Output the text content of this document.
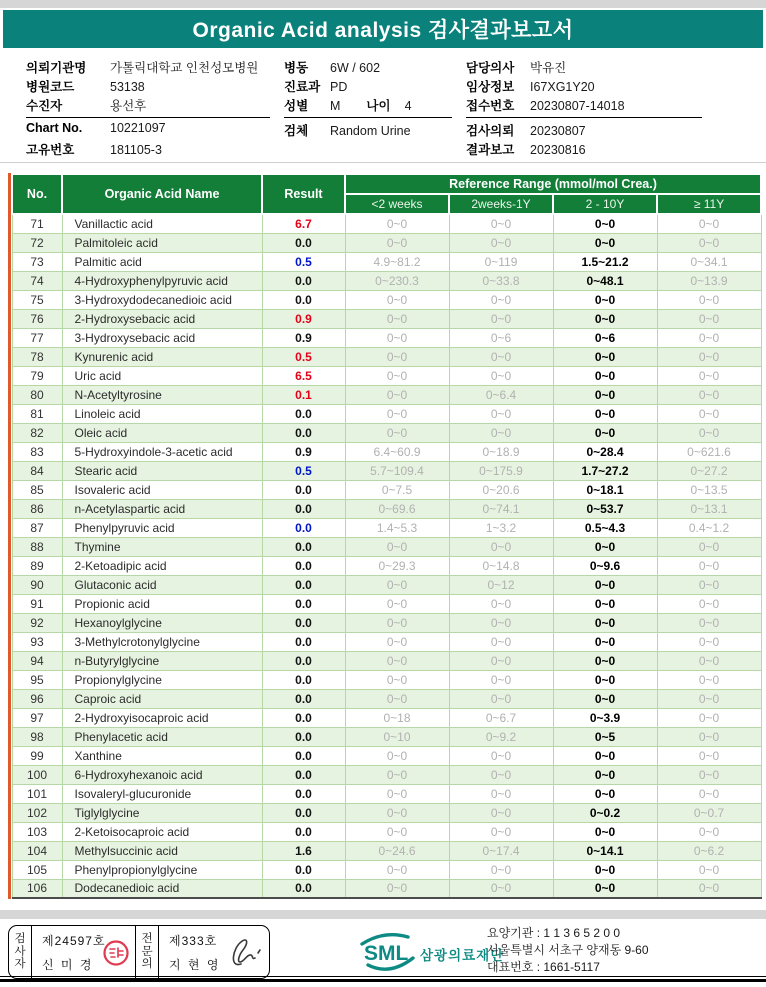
Organic Acid analysis 검사결과보고서
의뢰기관명	가톨릭대학교 인천성모병원
병원코드	53138
수진자	용선후
Chart No.	10221097
고유번호	181105-3
병동	6W / 602
진료과 PD
성별	M 나이 4
검체	Random Urine
담당의사	박유진
임상정보	I67XG1Y20
접수번호	20230807-14018
검사의뢰	20230807
결과보고	20230816
No.	Organic Acid Name	Result	Reference Range (mmol/mol Crea.)			
			<2 weeks	2weeks-1Y	2 - 10Y	≥ 11Y
71	Vanillactic acid	6.7	0~0	0~0	0~0	0~0
72	Palmitoleic acid	0.0	0~0	0~0	0~0	0~0
73	Palmitic acid	0.5	4.9~81.2	0~119	1.5~21.2	0~34.1
74	4-Hydroxyphenylpyruvic acid	0.0	0~230.3	0~33.8	0~48.1	0~13.9
75	3-Hydroxydodecanedioic acid	0.0	0~0	0~0	0~0	0~0
76	2-Hydroxysebacic acid	0.9	0~0	0~0	0~0	0~0
77	3-Hydroxysebacic acid	0.9	0~0	0~6	0~6	0~0
78	Kynurenic acid	0.5	0~0	0~0	0~0	0~0
79	Uric acid	6.5	0~0	0~0	0~0	0~0
80	N-Acetyltyrosine	0.1	0~0	0~6.4	0~0	0~0
81	Linoleic acid	0.0	0~0	0~0	0~0	0~0
82	Oleic acid	0.0	0~0	0~0	0~0	0~0
83	5-Hydroxyindole-3-acetic acid	0.9	6.4~60.9	0~18.9	0~28.4	0~621.6
84	Stearic acid	0.5	5.7~109.4	0~175.9	1.7~27.2	0~27.2
85	Isovaleric acid	0.0	0~7.5	0~20.6	0~18.1	0~13.5
86	n-Acetylaspartic acid	0.0	0~69.6	0~74.1	0~53.7	0~13.1
87	Phenylpyruvic acid	0.0	1.4~5.3	1~3.2	0.5~4.3	0.4~1.2
88	Thymine	0.0	0~0	0~0	0~0	0~0
89	2-Ketoadipic acid	0.0	0~29.3	0~14.8	0~9.6	0~0
90	Glutaconic acid	0.0	0~0	0~12	0~0	0~0
91	Propionic acid	0.0	0~0	0~0	0~0	0~0
92	Hexanoylglycine	0.0	0~0	0~0	0~0	0~0
93	3-Methylcrotonylglycine	0.0	0~0	0~0	0~0	0~0
94	n-Butyrylglycine	0.0	0~0	0~0	0~0	0~0
95	Propionylglycine	0.0	0~0	0~0	0~0	0~0
96	Caproic acid	0.0	0~0	0~0	0~0	0~0
97	2-Hydroxyisocaproic acid	0.0	0~18	0~6.7	0~3.9	0~0
98	Phenylacetic acid	0.0	0~10	0~9.2	0~5	0~0
99	Xanthine	0.0	0~0	0~0	0~0	0~0
100	6-Hydroxyhexanoic acid	0.0	0~0	0~0	0~0	0~0
101	Isovaleryl-glucuronide	0.0	0~0	0~0	0~0	0~0
102	Tiglylglycine	0.0	0~0	0~0	0~0.2	0~0.7
103	2-Ketoisocaproic acid	0.0	0~0	0~0	0~0	0~0
104	Methylsuccinic acid	1.6	0~24.6	0~17.4	0~14.1	0~6.2
105	Phenylpropionylglycine	0.0	0~0	0~0	0~0	0~0
106	Dodecanedioic acid	0.0	0~0	0~0	0~0	0~0
검사자
제24597호
신 미 경
전문의
제333호
지 현 영	SML 삼광의료재단
요양기관 : 1 1 3 6 5 2 0 0
서울특별시 서초구 양재동 9-60
대표번호 : 1661-5117
